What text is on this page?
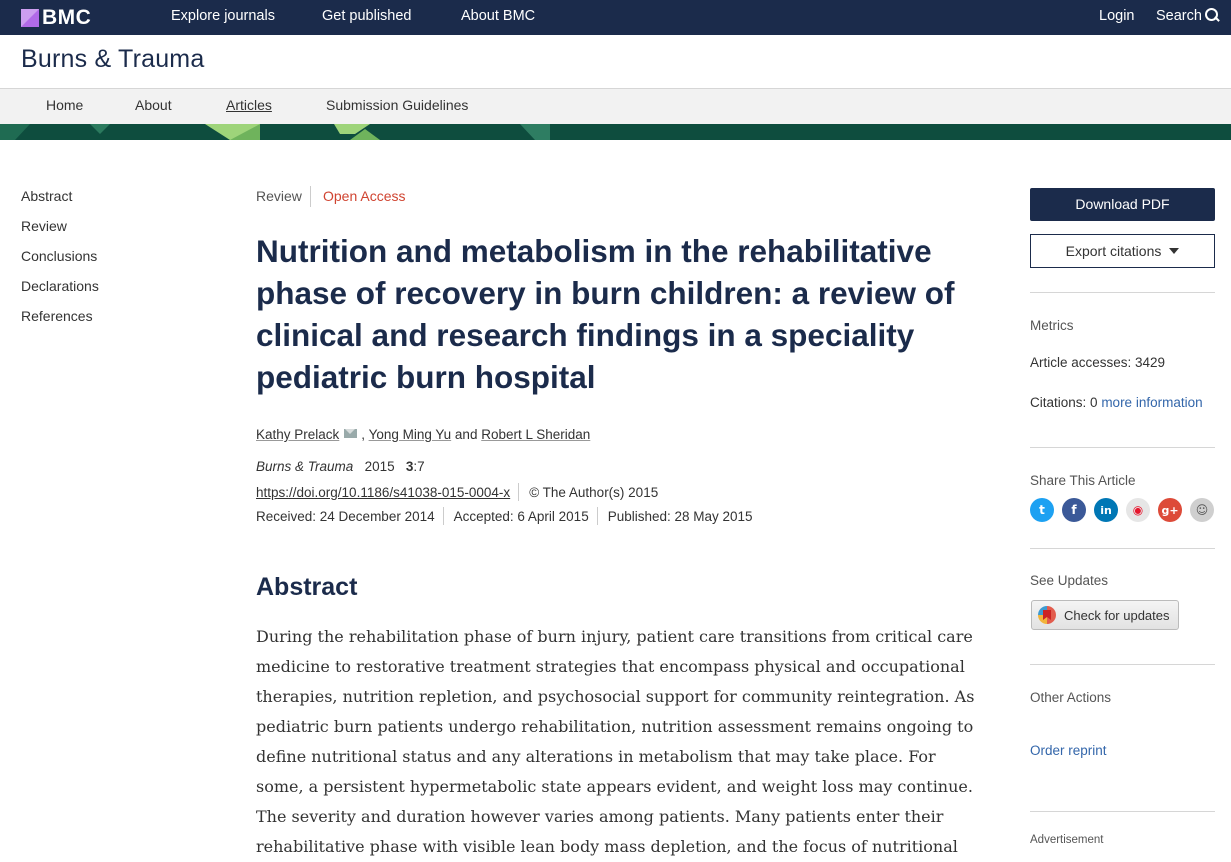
BMC	Explore journals	Get published	About BMC	Login Search
Burns & Trauma
Home	About	Articles	Submission Guidelines
Abstract
Review
Conclusions
Declarations
References
Review Open Access
Nutrition and metabolism in the rehabilitative phase of recovery in burn children: a review of clinical and research findings in a speciality pediatric burn hospital
Kathy Prelack , Yong Ming Yu and Robert L Sheridan
Burns & Trauma 2015 3:7
https://doi.org/10.1186/s41038-015-0004-x © The Author(s) 2015
Received: 24 December 2014 Accepted: 6 April 2015 Published: 28 May 2015
Abstract

During the rehabilitation phase of burn injury, patient care transitions from critical care medicine to restorative treatment strategies that encompass physical and occupational therapies, nutrition repletion, and psychosocial support for community reintegration. As pediatric burn patients undergo rehabilitation, nutrition assessment remains ongoing to define nutritional status and any alterations in metabolism that may take place. For some, a persistent hypermetabolic state appears evident, and weight loss may continue. The severity and duration however varies among patients. Many patients enter their rehabilitative phase with visible lean body mass depletion, and the focus of nutritional

Download PDF
Export citations
Metrics
Article accesses: 3429
Citations: 0 more information
Share This Article
t	f	in	◉	g+	☺
See Updates
Check for updates
Other Actions
Order reprint
Advertisement
